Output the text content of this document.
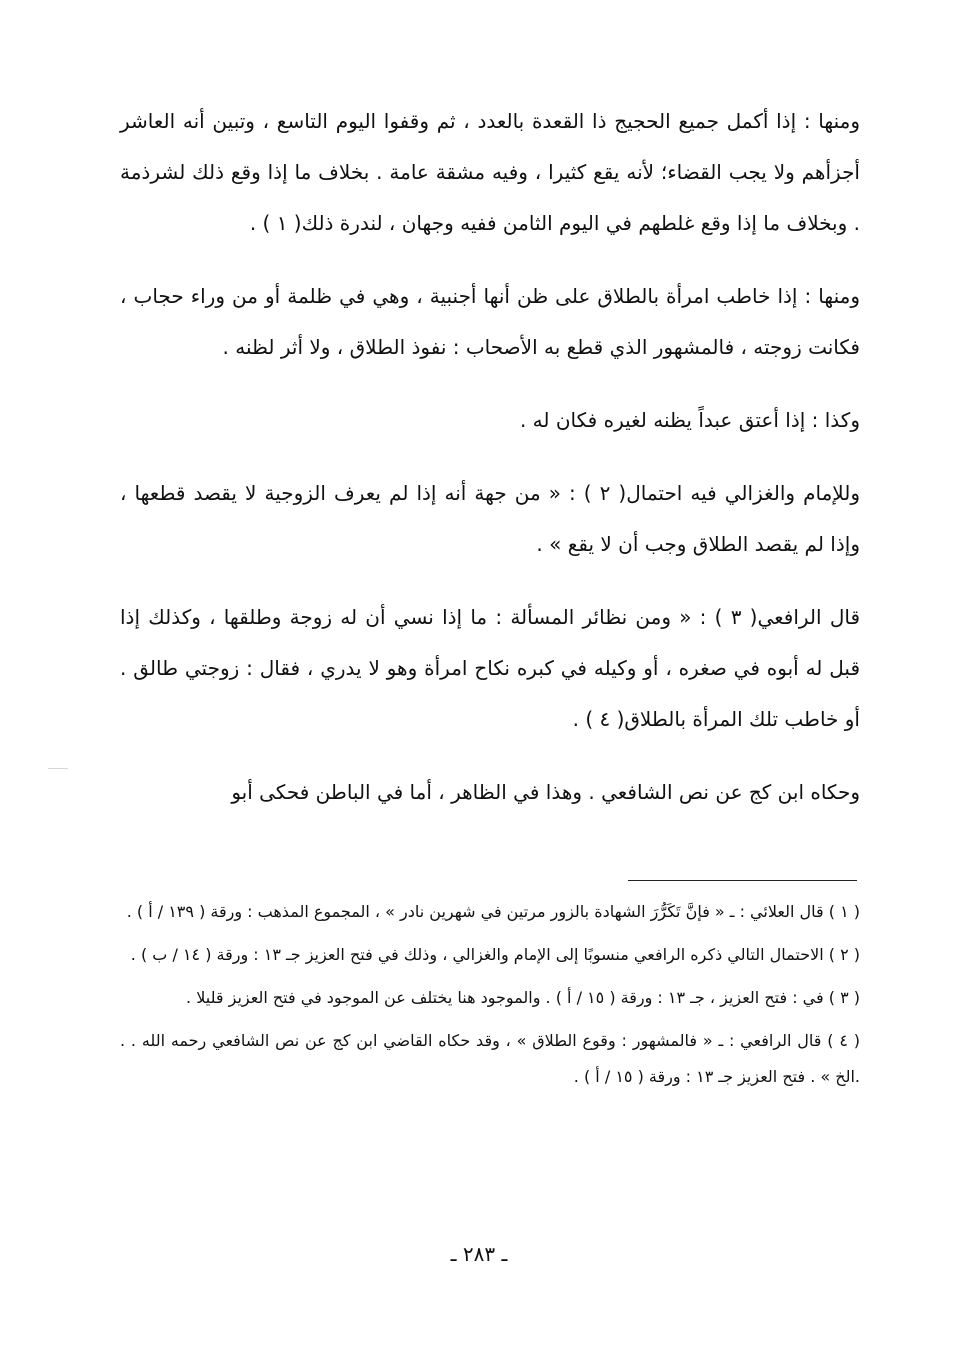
ومنها : إذا أكمل جميع الحجيج ذا القعدة بالعدد ، ثم وقفوا اليوم التاسع ، وتبين أنه العاشر أجزأهم ولا يجب القضاء؛ لأنه يقع كثيرا ، وفيه مشقة عامة . بخلاف ما إذا وقع ذلك لشرذمة . وبخلاف ما إذا وقع غلطهم في اليوم الثامن ففيه وجهان ، لندرة ذلك( ١ ) .

ومنها : إذا خاطب امرأة بالطلاق على ظن أنها أجنبية ، وهي في ظلمة أو من وراء حجاب ، فكانت زوجته ، فالمشهور الذي قطع به الأصحاب : نفوذ الطلاق ، ولا أثر لظنه .

وكذا : إذا أعتق عبداً يظنه لغيره فكان له .

وللإمام والغزالي فيه احتمال( ٢ ) : « من جهة أنه إذا لم يعرف الزوجية لا يقصد قطعها ، وإذا لم يقصد الطلاق وجب أن لا يقع » .

قال الرافعي( ٣ ) : « ومن نظائر المسألة : ما إذا نسي أن له زوجة وطلقها ، وكذلك إذا قبل له أبوه في صغره ، أو وكيله في كبره نكاح امرأة وهو لا يدري ، فقال : زوجتي طالق . أو خاطب تلك المرأة بالطلاق( ٤ ) .

وحكاه ابن كج عن نص الشافعي . وهذا في الظاهر ، أما في الباطن فحكى أبو

( ١ ) قال العلائي : ـ « فإنَّ تَكَرُّرَ الشهادة بالزور مرتين في شهرين نادر » ، المجموع المذهب : ورقة ( ١٣٩ / أ ) .

( ٢ ) الاحتمال التالي ذكره الرافعي منسوبًا إلى الإمام والغزالي ، وذلك في فتح العزيز جـ ١٣ : ورقة ( ١٤ / ب ) .

( ٣ ) في : فتح العزيز ، جـ ١٣ : ورقة ( ١٥ / أ ) . والموجود هنا يختلف عن الموجود في فتح العزيز قليلا .

( ٤ ) قال الرافعي : ـ « فالمشهور : وقوع الطلاق » ، وقد حكاه القاضي ابن كج عن نص الشافعي رحمه الله . . .الخ » . فتح العزيز جـ ١٣ : ورقة ( ١٥ / أ ) .

ـ ٢٨٣ ـ
